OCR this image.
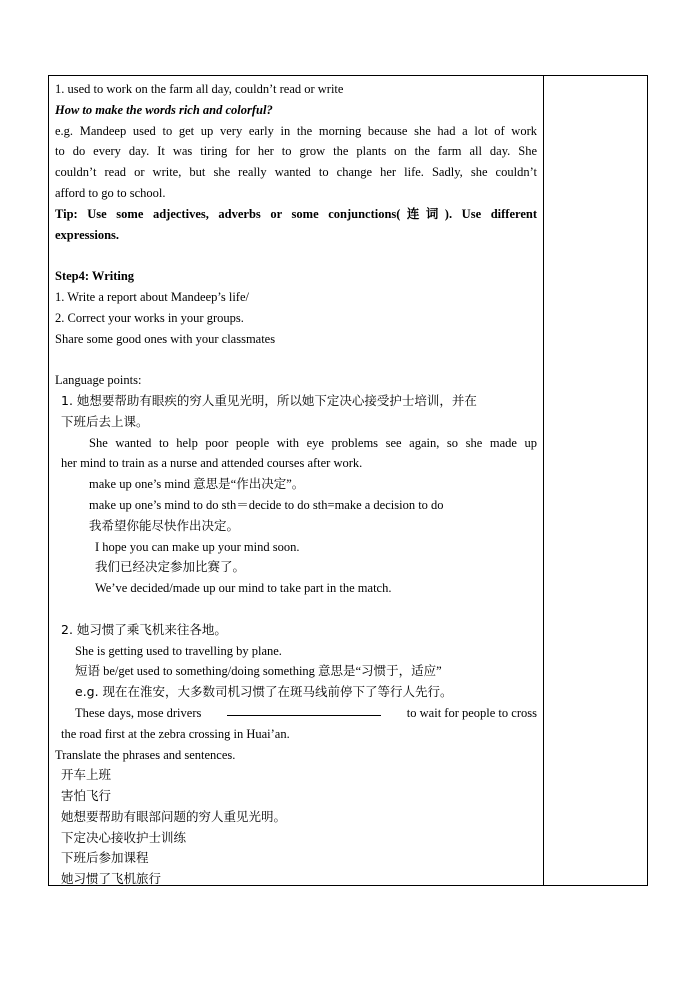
1. used to work on the farm all day, couldn’t read or write
How to make the words rich and colorful?
e.g. Mandeep used to get up very early in the morning because she had a lot of work
to do every day. It was tiring for her to grow the plants on the farm all day. She
couldn’t read or write, but she really wanted to change her life. Sadly, she couldn’t
afford to go to school.
Tip: Use some adjectives, adverbs or some conjunctions(连词). Use different
expressions.
Step4: Writing
1. Write a report about Mandeep’s life/
2. Correct your works in your groups.
Share some good ones with your classmates
Language points:
1. 她想要帮助有眼疾的穷人重见光明，所以她下定决心接受护士培训，并在
下班后去上课。
She wanted to help poor people with eye problems see again, so she made up
her mind to train as a nurse and attended courses after work.
make up one’s mind 意思是“作出决定”。
make up one’s mind to do sth＝decide to do sth=make a decision to do
我希望你能尽快作出决定。
I hope you can make up your mind soon.
我们已经决定参加比赛了。
We’ve decided/made up our mind to take part in the match.
2. 她习惯了乘飞机来往各地。
She is getting used to travelling by plane.
短语 be/get used to something/doing something 意思是“习惯于，适应”
e.g. 现在在淮安，大多数司机习惯了在斑马线前停下了等行人先行。
These days, mose drivers	to wait for people to cross
the road first at the zebra crossing in Huai’an.
Translate the phrases and sentences.
开车上班
害怕飞行
她想要帮助有眼部问题的穷人重见光明。
下定决心接收护士训练
下班后参加课程
她习惯了飞机旅行
